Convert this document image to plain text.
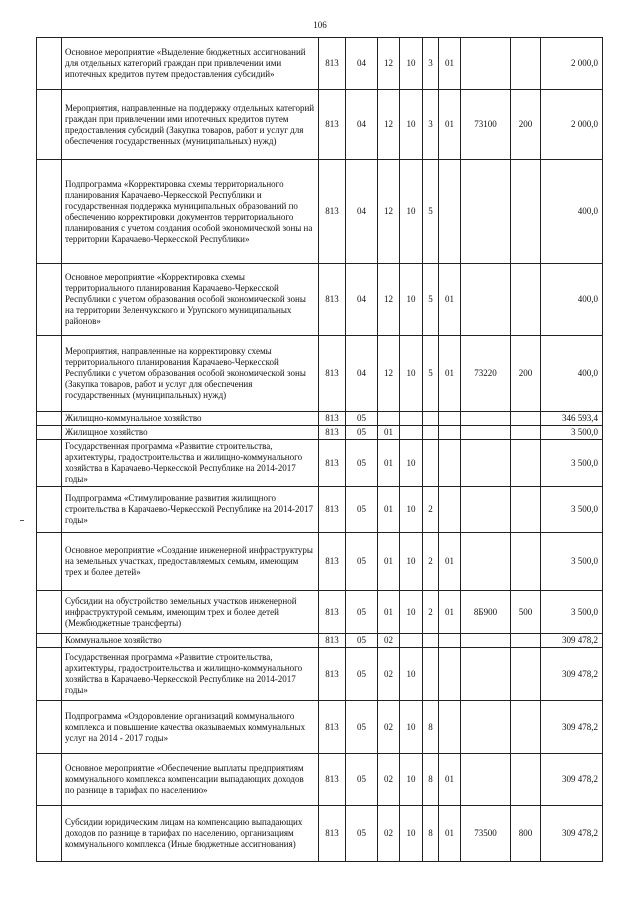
106
	Основное мероприятие «Выделение бюджетных ассигнований для отдельных категорий граждан при привлечении ими ипотечных кредитов путем предоставления субсидий»	813	04	12	10	3	01			2 000,0
	Мероприятия, направленные на поддержку отдельных категорий граждан при привлечении ими ипотечных кредитов путем предоставления субсидий (Закупка товаров, работ и услуг для обеспечения государственных (муниципальных) нужд)	813	04	12	10	3	01	73100	200	2 000,0
	Подпрограмма «Корректировка схемы территориального планирования Карачаево-Черкесской Республики и государственная поддержка муниципальных образований по обеспечению корректировки документов территориального планирования с учетом создания особой экономической зоны на территории Карачаево-Черкесской Республики»	813	04	12	10	5				400,0
	Основное мероприятие «Корректировка схемы территориального планирования Карачаево-Черкесской Республики с учетом образования особой экономической зоны на территории Зеленчукского и Урупского муниципальных районов»	813	04	12	10	5	01			400,0
	Мероприятия, направленные на корректировку схемы территориального планирования Карачаево-Черкесской Республики с учетом образования особой экономической зоны (Закупка товаров, работ и услуг для обеспечения государственных (муниципальных) нужд)	813	04	12	10	5	01	73220	200	400,0
	Жилищно-коммунальное хозяйство	813	05							346 593,4
	Жилищное хозяйство	813	05	01						3 500,0
	Государственная программа «Развитие строительства, архитектуры, градостроительства и жилищно-коммунального хозяйства в Карачаево-Черкесской Республике на 2014-2017 годы»	813	05	01	10					3 500,0
	Подпрограмма «Стимулирование развития жилищного строительства в Карачаево-Черкесской Республике на 2014-2017 годы»	813	05	01	10	2				3 500,0
	Основное мероприятие «Создание инженерной инфраструктуры на земельных участках, предоставляемых семьям, имеющим трех и более детей»	813	05	01	10	2	01			3 500,0
	Субсидии на обустройство земельных участков инженерной инфраструктурой семьям, имеющим трех и более детей (Межбюджетные трансферты)	813	05	01	10	2	01	8Б900	500	3 500,0
	Коммунальное хозяйство	813	05	02						309 478,2
	Государственная программа «Развитие строительства, архитектуры, градостроительства и жилищно-коммунального хозяйства в Карачаево-Черкесской Республике на 2014-2017 годы»	813	05	02	10					309 478,2
	Подпрограмма «Оздоровление организаций коммунального комплекса и повышение качества оказываемых коммунальных услуг на 2014 - 2017 годы»	813	05	02	10	8				309 478,2
	Основное мероприятие «Обеспечение выплаты предприятиям коммунального комплекса компенсации выпадающих доходов по разнице в тарифах по населению»	813	05	02	10	8	01			309 478,2
	Субсидии юридическим лицам на компенсацию выпадающих доходов по разнице в тарифах по населению, организациям коммунального комплекса (Иные бюджетные ассигнования)	813	05	02	10	8	01	73500	800	309 478,2
